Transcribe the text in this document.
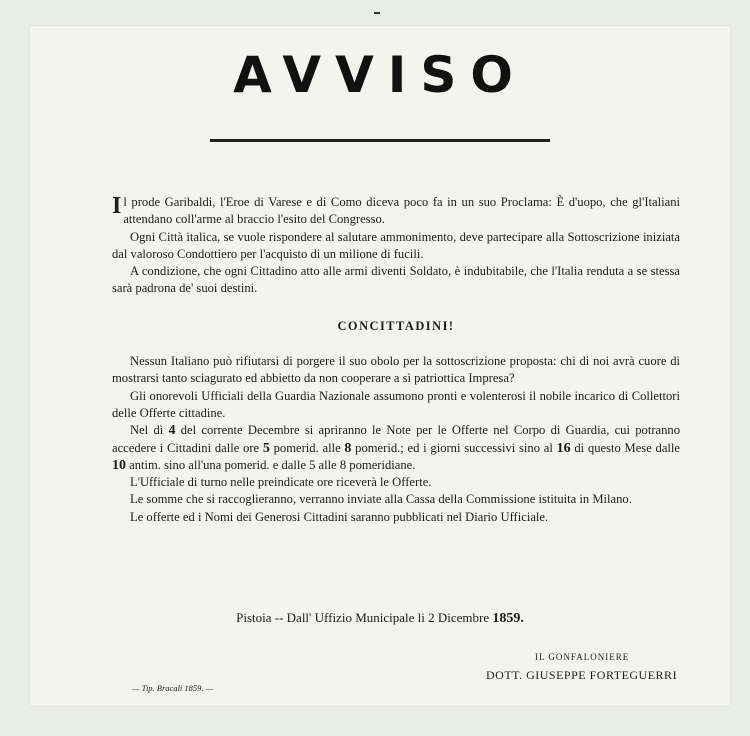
AVVISO

Il prode Garibaldi, l'Eroe di Varese e di Como diceva poco fa in un suo Proclama: È d'uopo, che gl'Italiani attendano coll'arme al braccio l'esito del Congresso.

Ogni Città italica, se vuole rispondere al salutare ammonimento, deve partecipare alla Sottoscrizione iniziata dal valoroso Condottiero per l'acquisto di un milione di fucili.

A condizione, che ogni Cittadino atto alle armi diventi Soldato, è indubitabile, che l'Italia renduta a se stessa sarà padrona de' suoi destini.

CONCITTADINI!

Nessun Italiano può rifiutarsi di porgere il suo obolo per la sottoscrizione proposta: chi di noi avrà cuore di mostrarsi tanto sciagurato ed abbietto da non cooperare a sì patriottica Impresa?

Gli onorevoli Ufficiali della Guardia Nazionale assumono pronti e volenterosi il nobile incarico di Collettori delle Offerte cittadine.

Nel dì 4 del corrente Decembre si apriranno le Note per le Offerte nel Corpo di Guardia, cui potranno accedere i Cittadini dalle ore 5 pomerid. alle 8 pomerid.; ed i giorni successivi sino al 16 di questo Mese dalle 10 antim. sino all'una pomerid. e dalle 5 alle 8 pomeridiane.

L'Ufficiale di turno nelle preindicate ore riceverà le Offerte.

Le somme che si raccoglieranno, verranno inviate alla Cassa della Commissione istituita in Milano.

Le offerte ed i Nomi dei Generosi Cittadini saranno pubblicati nel Diario Ufficiale.

Pistoia -- Dall' Uffizio Municipale li 2 Dicembre 1859.
IL GONFALONIERE
DOTT. GIUSEPPE FORTEGUERRI
— Tip. Bracali 1859. —
